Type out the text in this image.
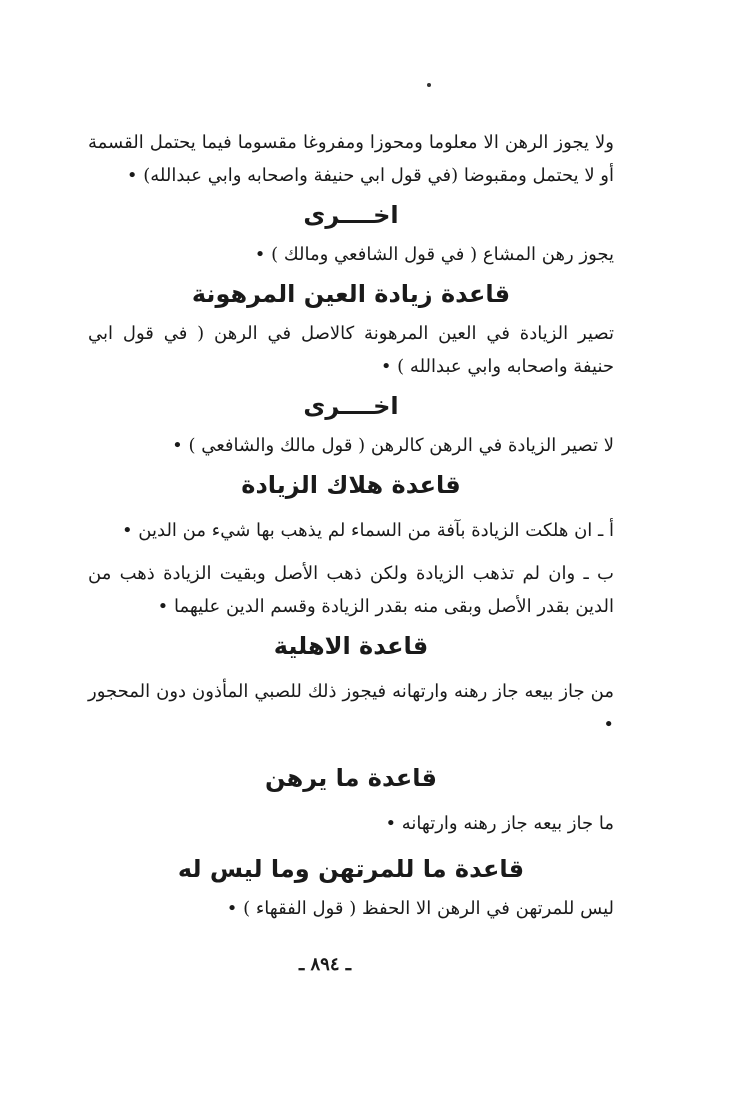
ولا يجوز الرهن الا معلوما ومحوزا ومفروغا مقسوما فيما يحتمل القسمة أو لا يحتمل ومقبوضا (في قول ابي حنيفة واصحابه وابي عبدالله) •

اخــــرى

يجوز رهن المشاع ( في قول الشافعي ومالك ) •

قاعدة زيادة العين المرهونة

تصير الزيادة في العين المرهونة كالاصل في الرهن ( في قول ابي حنيفة واصحابه وابي عبدالله ) •

اخــــرى

لا تصير الزيادة في الرهن كالرهن ( قول مالك والشافعي ) •

قاعدة هلاك الزيادة

أ ـ ان هلكت الزيادة بآفة من السماء لم يذهب بها شيء من الدين •

ب ـ وان لم تذهب الزيادة ولكن ذهب الأصل وبقيت الزيادة ذهب من الدين بقدر الأصل وبقى منه بقدر الزيادة وقسم الدين عليهما •

قاعدة الاهلية

من جاز بيعه جاز رهنه وارتهانه فيجوز ذلك للصبي المأذون دون المحجور •

قاعدة ما يرهن

ما جاز بيعه جاز رهنه وارتهانه •

قاعدة ما للمرتهن وما ليس له

ليس للمرتهن في الرهن الا الحفظ ( قول الفقهاء ) •

ـ ٨٩٤ ـ
